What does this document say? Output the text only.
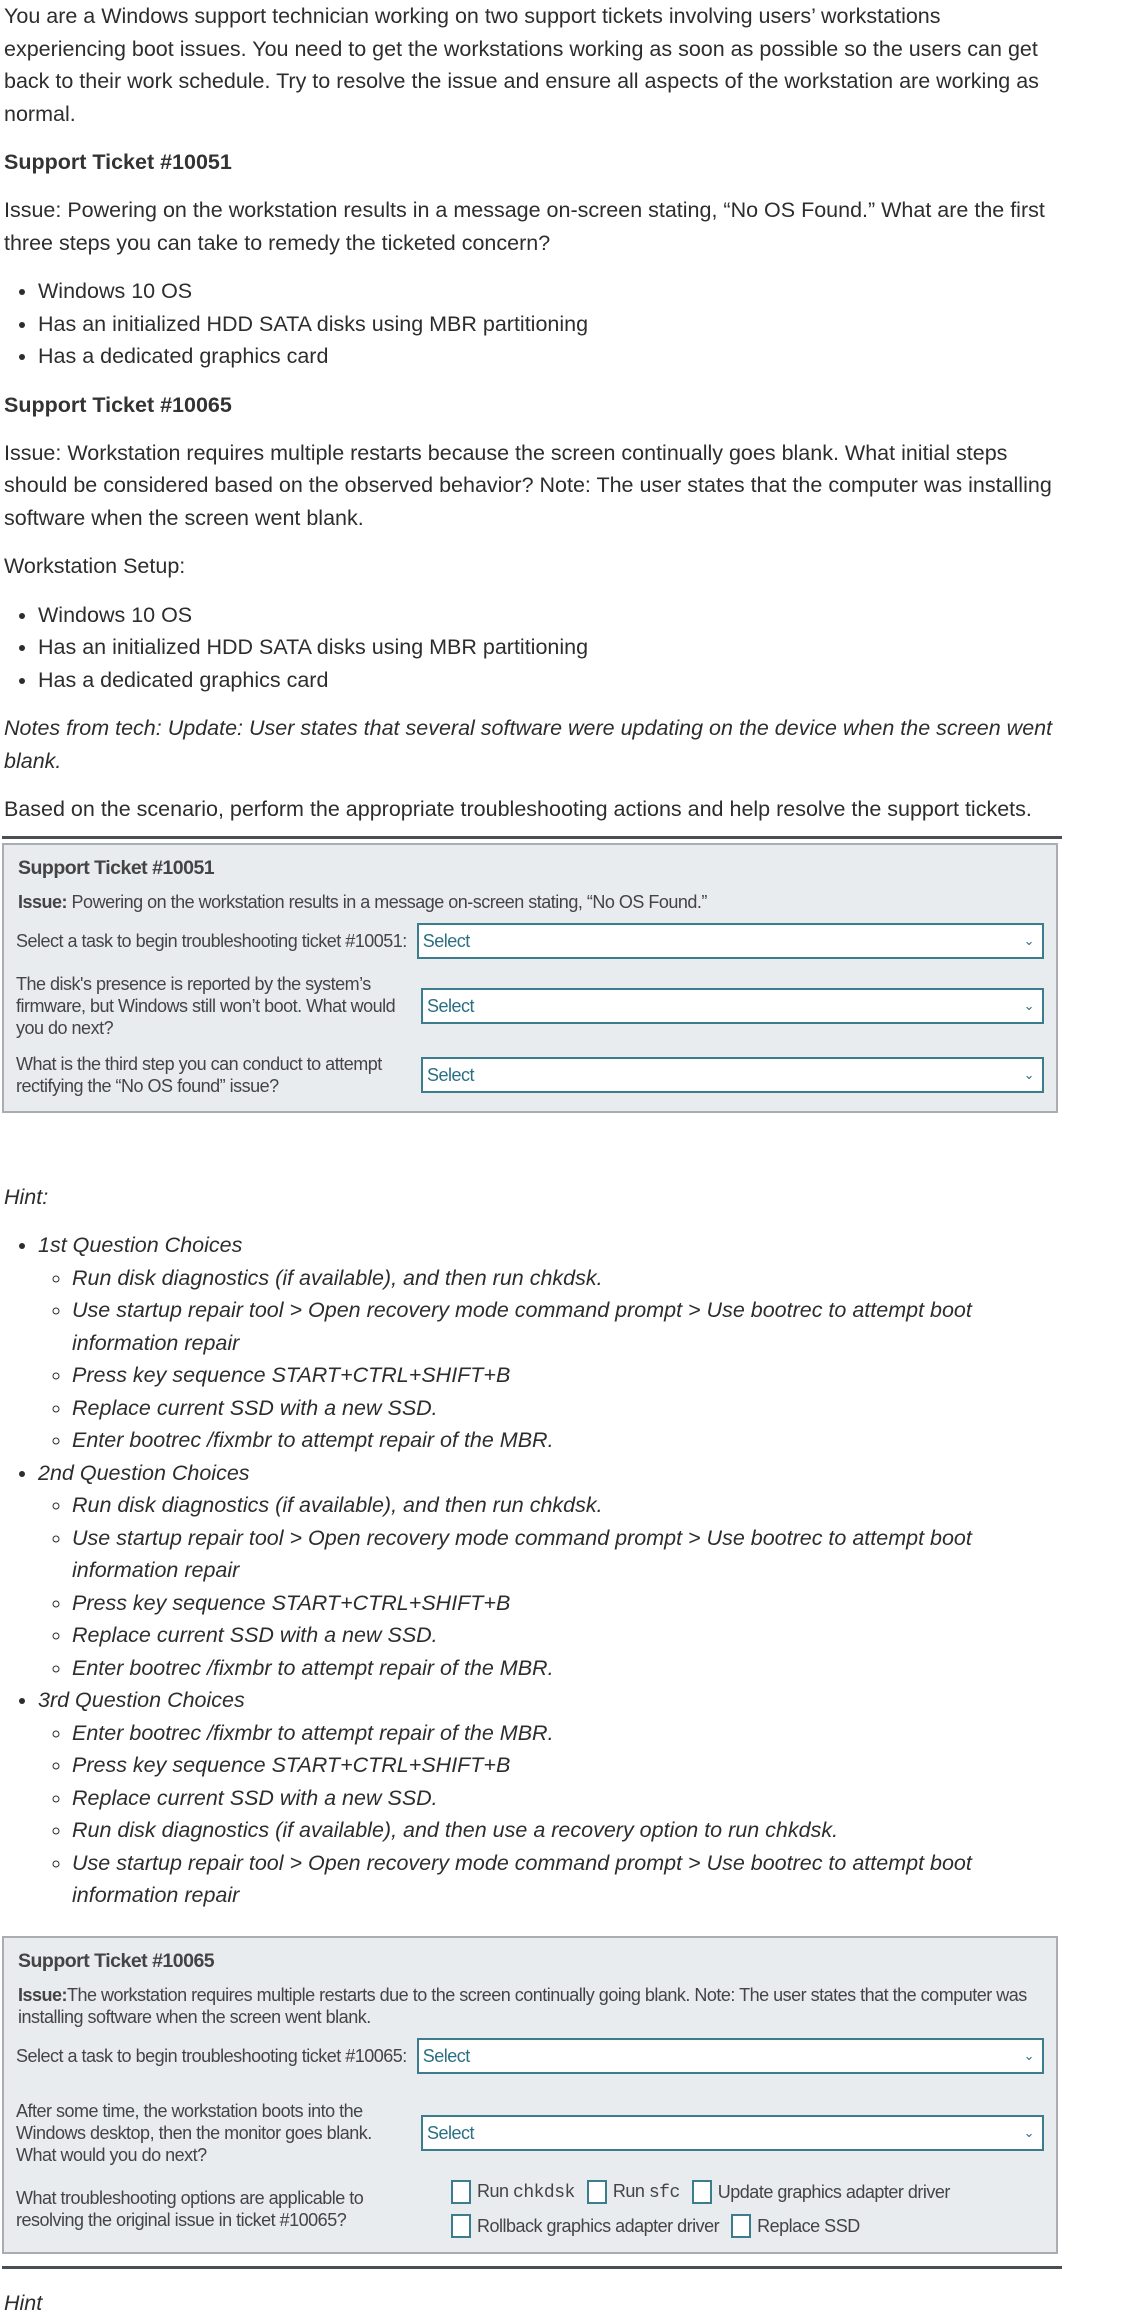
You are a Windows support technician working on two support tickets involving users’ workstations experiencing boot issues. You need to get the workstations working as soon as possible so the users can get back to their work schedule. Try to resolve the issue and ensure all aspects of the workstation are working as normal.

Support Ticket #10051

Issue: Powering on the workstation results in a message on-screen stating, “No OS Found.” What are the first three steps you can take to remedy the ticketed concern?

• Windows 10 OS
• Has an initialized HDD SATA disks using MBR partitioning
• Has a dedicated graphics card
Support Ticket #10065

Issue: Workstation requires multiple restarts because the screen continually goes blank. What initial steps should be considered based on the observed behavior? Note: The user states that the computer was installing software when the screen went blank.

Workstation Setup:

• Windows 10 OS
• Has an initialized HDD SATA disks using MBR partitioning
• Has a dedicated graphics card

Notes from tech: Update: User states that several software were updating on the device when the screen went blank.

Based on the scenario, perform the appropriate troubleshooting actions and help resolve the support tickets.

Support Ticket #10051
Issue: Powering on the workstation results in a message on-screen stating, “No OS Found.”
Select a task to begin troubleshooting ticket #10051: Select	⌄
The disk's presence is reported by the system’s firmware, but Windows still won’t boot. What would you do next?
Select	⌄
What is the third step you can conduct to attempt rectifying the “No OS found” issue?
Select	⌄

Hint:

• 1st Question Choices
◦ Run disk diagnostics (if available), and then run chkdsk.
◦ Use startup repair tool > Open recovery mode command prompt > Use bootrec to attempt boot information repair
◦ Press key sequence START+CTRL+SHIFT+B
◦ Replace current SSD with a new SSD.
◦ Enter bootrec /fixmbr to attempt repair of the MBR.
• 2nd Question Choices
◦ Run disk diagnostics (if available), and then run chkdsk.
◦ Use startup repair tool > Open recovery mode command prompt > Use bootrec to attempt boot information repair
◦ Press key sequence START+CTRL+SHIFT+B
◦ Replace current SSD with a new SSD.
◦ Enter bootrec /fixmbr to attempt repair of the MBR.
• 3rd Question Choices
◦ Enter bootrec /fixmbr to attempt repair of the MBR.
◦ Press key sequence START+CTRL+SHIFT+B
◦ Replace current SSD with a new SSD.
◦ Run disk diagnostics (if available), and then use a recovery option to run chkdsk.
◦ Use startup repair tool > Open recovery mode command prompt > Use bootrec to attempt boot information repair
Support Ticket #10065
Issue:The workstation requires multiple restarts due to the screen continually going blank. Note: The user states that the computer was installing software when the screen went blank.
Select a task to begin troubleshooting ticket #10065: Select	⌄
After some time, the workstation boots into the Windows desktop, then the monitor goes blank. What would you do next?
Select	⌄
What troubleshooting options are applicable to resolving the original issue in ticket #10065?
Run chkdsk Run sfc Update graphics adapter driver
Rollback graphics adapter driver Replace SSD
Hint
